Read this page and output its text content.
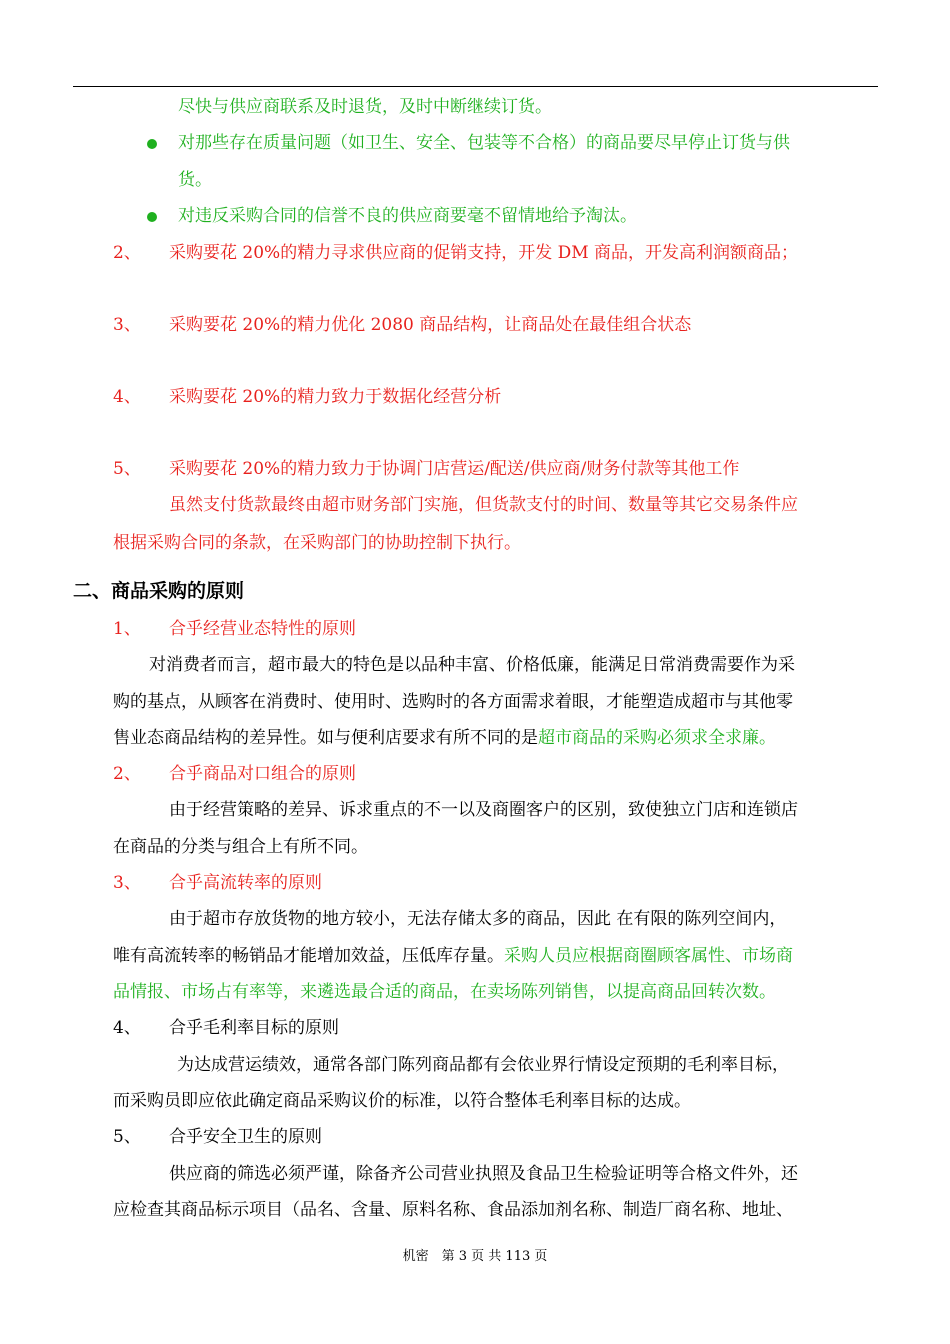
尽快与供应商联系及时退货，及时中断继续订货。
对那些存在质量问题（如卫生、安全、包装等不合格）的商品要尽早停止订货与供
货。
对违反采购合同的信誉不良的供应商要毫不留情地给予淘汰。
2、 采购要花 20%的精力寻求供应商的促销支持，开发 DM 商品，开发高利润额商品；
3、 采购要花 20%的精力优化 2080 商品结构，让商品处在最佳组合状态
4、 采购要花 20%的精力致力于数据化经营分析
5、 采购要花 20%的精力致力于协调门店营运/配送/供应商/财务付款等其他工作
虽然支付货款最终由超市财务部门实施，但货款支付的时间、数量等其它交易条件应
根据采购合同的条款，在采购部门的协助控制下执行。
二、商品采购的原则
1、 合乎经营业态特性的原则
对消费者而言，超市最大的特色是以品种丰富、价格低廉，能满足日常消费需要作为采
购的基点，从顾客在消费时、使用时、选购时的各方面需求着眼，才能塑造成超市与其他零
售业态商品结构的差异性。如与便利店要求有所不同的是超市商品的采购必须求全求廉。
2、 合乎商品对口组合的原则
由于经营策略的差异、诉求重点的不一以及商圈客户的区别，致使独立门店和连锁店
在商品的分类与组合上有所不同。
3、 合乎高流转率的原则
由于超市存放货物的地方较小，无法存储太多的商品，因此 在有限的陈列空间内，
唯有高流转率的畅销品才能增加效益，压低库存量。采购人员应根据商圈顾客属性、市场商
品情报、市场占有率等，来遴选最合适的商品，在卖场陈列销售，以提高商品回转次数。
4、 合乎毛利率目标的原则
为达成营运绩效，通常各部门陈列商品都有会依业界行情设定预期的毛利率目标，
而采购员即应依此确定商品采购议价的标准，以符合整体毛利率目标的达成。
5、 合乎安全卫生的原则
供应商的筛选必须严谨，除备齐公司营业执照及食品卫生检验证明等合格文件外，还
应检查其商品标示项目（品名、含量、原料名称、食品添加剂名称、制造厂商名称、地址、
机密　第 3 页 共 113 页
